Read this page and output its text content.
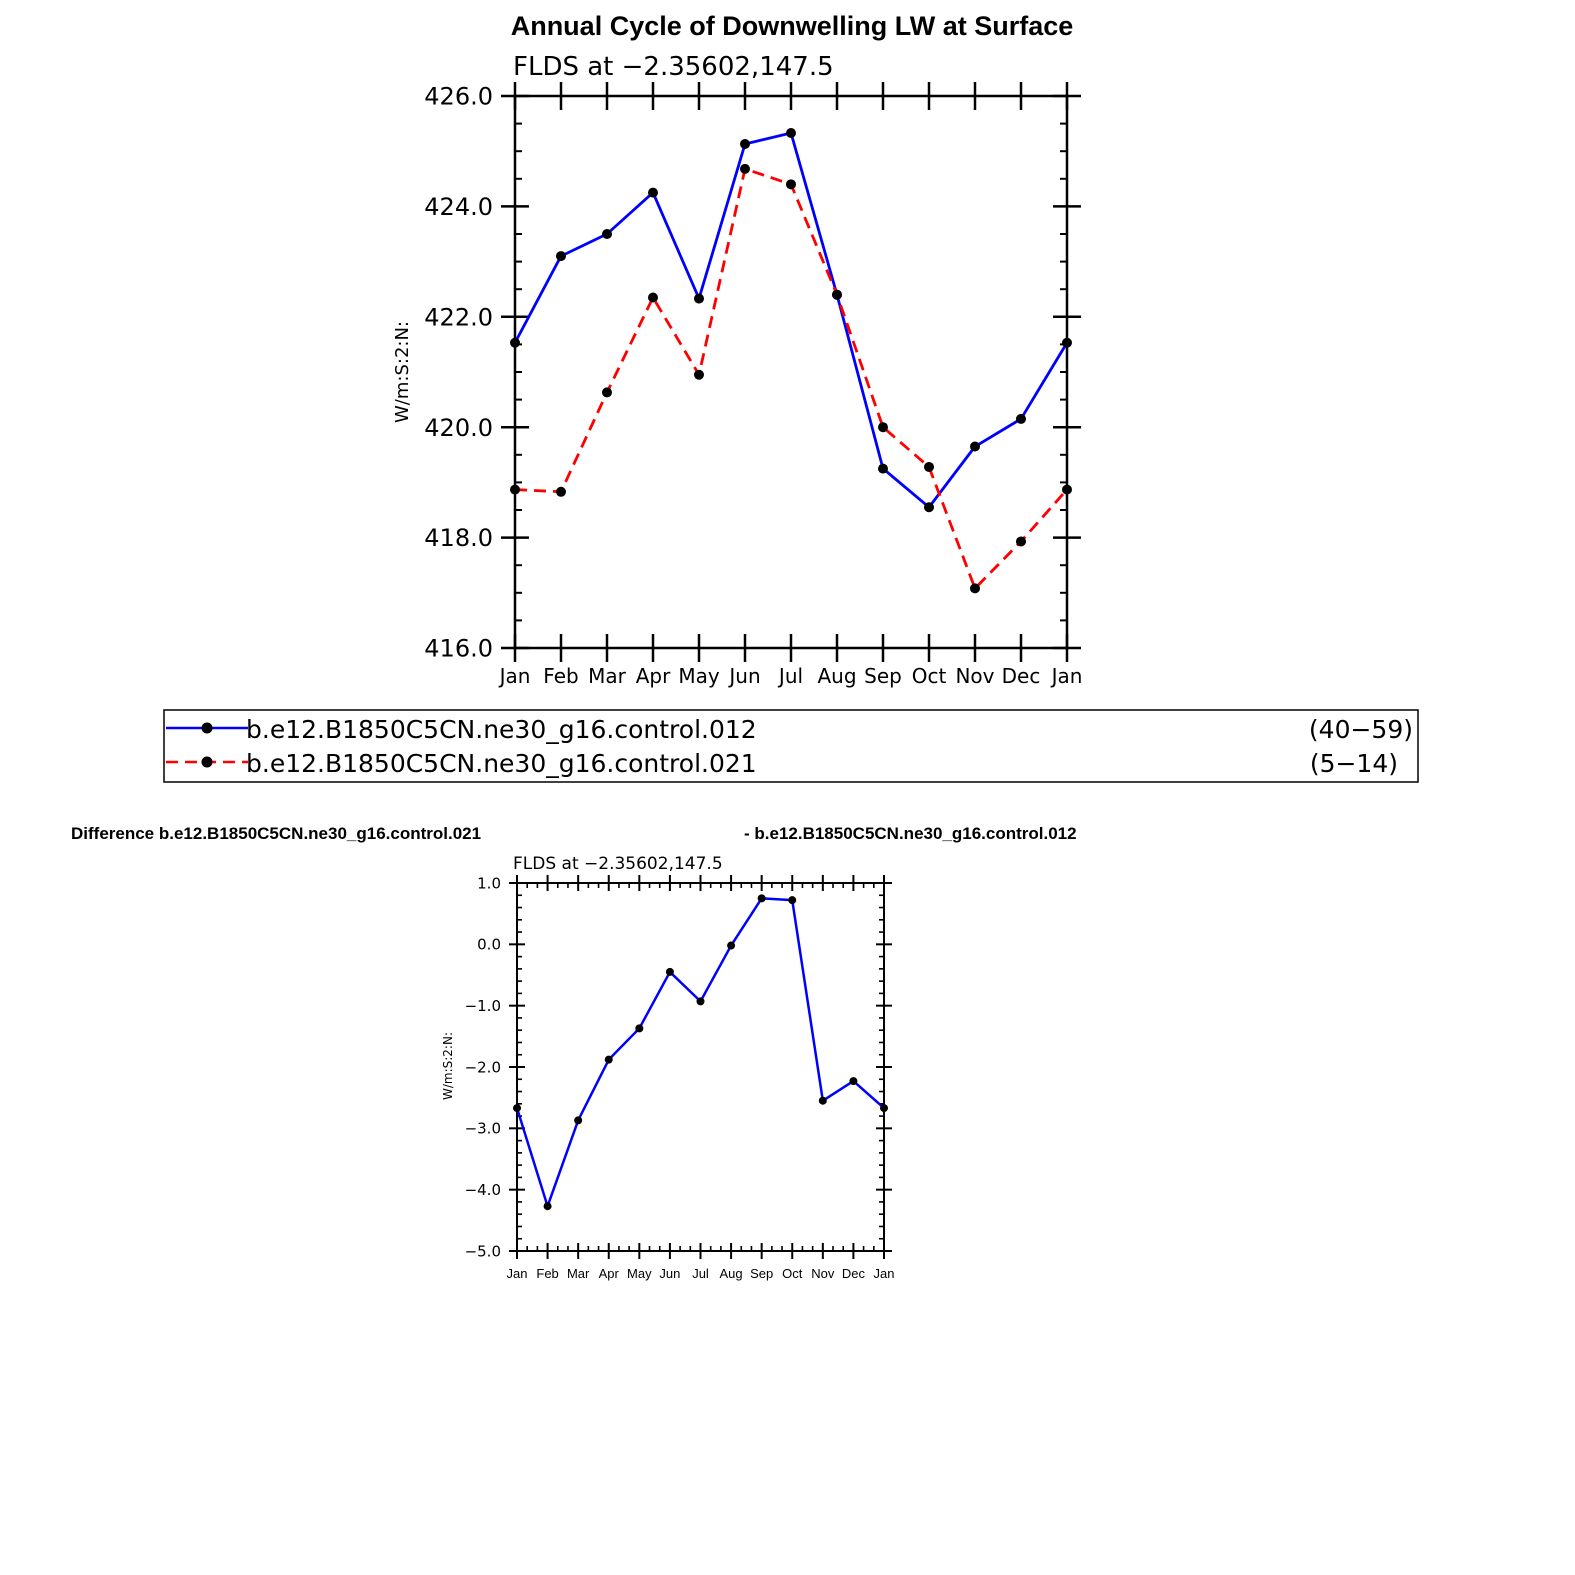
Annual Cycle of Downwelling LW at Surface
FLDS at −2.35602,147.5
W/m:S:2:N:
416.0
418.0
420.0
422.0
424.0
426.0
Jan Feb Mar Apr May Jun Jul Aug Sep Oct Nov Dec Jan
b.e12.B1850C5CN.ne30_g16.control.012	(40−59)
b.e12.B1850C5CN.ne30_g16.control.021	(5−14)
Difference b.e12.B1850C5CN.ne30_g16.control.021	- b.e12.B1850C5CN.ne30_g16.control.012
FLDS at −2.35602,147.5
W/m:S:2:N:
−5.0
−4.0
−3.0
−2.0
−1.0
0.0
1.0
Jan Feb Mar Apr May Jun Jul Aug Sep Oct Nov Dec Jan
